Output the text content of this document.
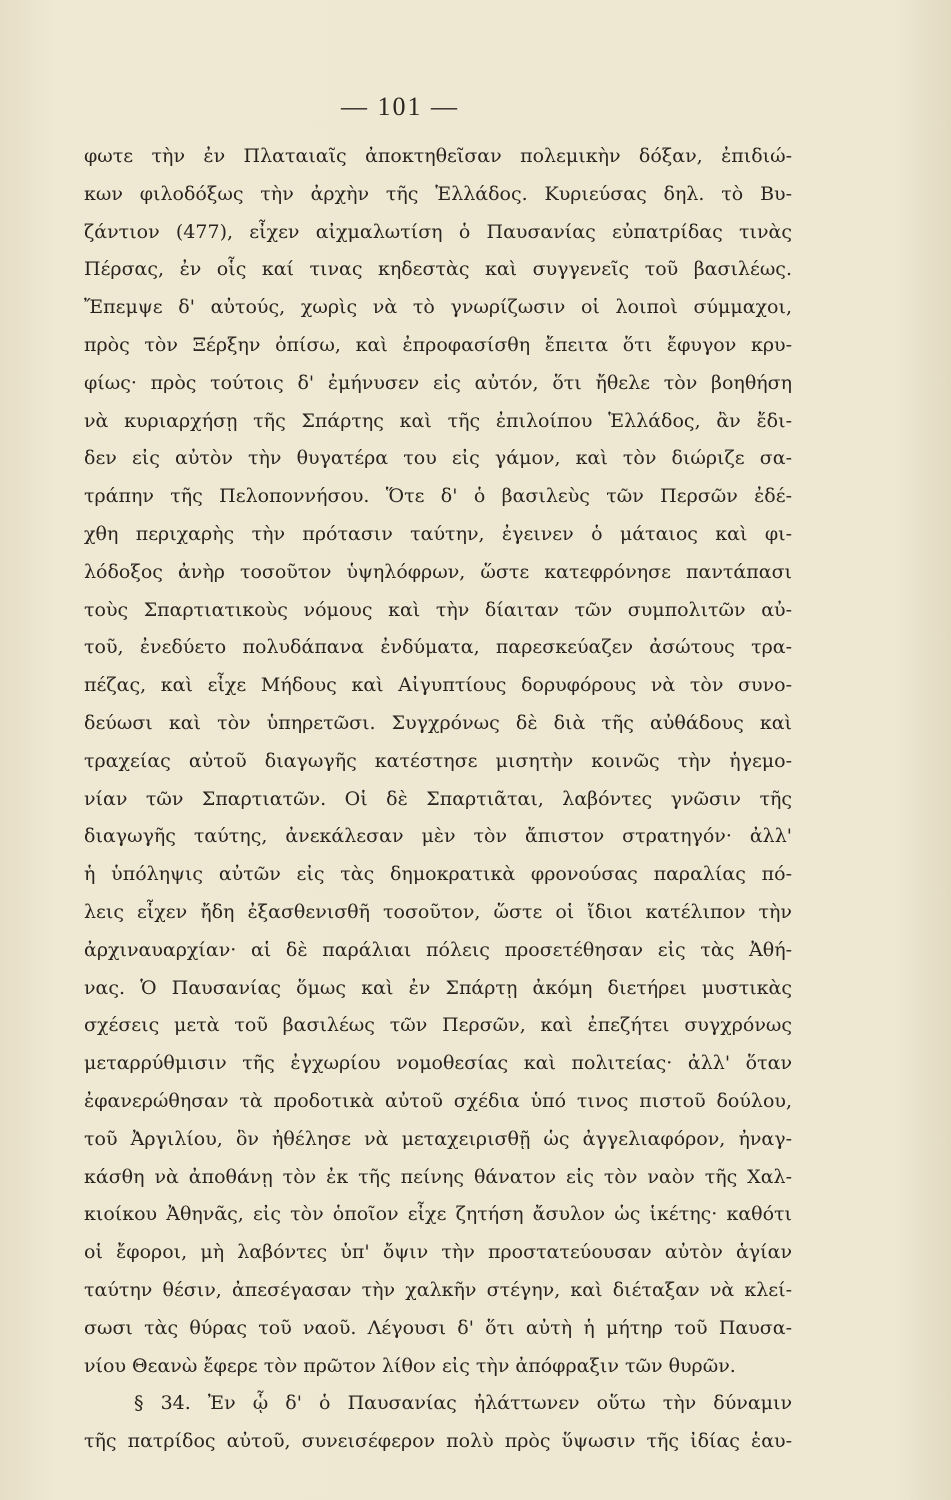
— 101 —
φωτε τὴν ἐν Πλαταιαῖς ἀποκτηθεῖσαν πολεμικὴν δόξαν, ἐπιδιώ-
κων φιλοδόξως τὴν ἀρχὴν τῆς Ἑλλάδος. Κυριεύσας δηλ. τὸ Βυ-
ζάντιον (477), εἶχεν αἰχμαλωτίση ὁ Παυσανίας εὐπατρίδας τινὰς
Πέρσας, ἐν οἷς καί τινας κηδεστὰς καὶ συγγενεῖς τοῦ βασιλέως.
Ἔπεμψε δ' αὐτούς, χωρὶς νὰ τὸ γνωρίζωσιν οἱ λοιποὶ σύμμαχοι,
πρὸς τὸν Ξέρξην ὀπίσω, καὶ ἐπροφασίσθη ἔπειτα ὅτι ἔφυγον κρυ-
φίως· πρὸς τούτοις δ' ἐμήνυσεν εἰς αὐτόν, ὅτι ἤθελε τὸν βοηθήση
νὰ κυριαρχήσῃ τῆς Σπάρτης καὶ τῆς ἐπιλοίπου Ἑλλάδος, ἂν ἔδι-
δεν εἰς αὐτὸν τὴν θυγατέρα του εἰς γάμον, καὶ τὸν διώριζε σα-
τράπην τῆς Πελοποννήσου. Ὅτε δ' ὁ βασιλεὺς τῶν Περσῶν ἐδέ-
χθη περιχαρὴς τὴν πρότασιν ταύτην, ἐγεινεν ὁ μάταιος καὶ φι-
λόδοξος ἀνὴρ τοσοῦτον ὑψηλόφρων, ὥστε κατεφρόνησε παντάπασι
τοὺς Σπαρτιατικοὺς νόμους καὶ τὴν δίαιταν τῶν συμπολιτῶν αὐ-
τοῦ, ἐνεδύετο πολυδάπανα ἐνδύματα, παρεσκεύαζεν ἀσώτους τρα-
πέζας, καὶ εἶχε Μήδους καὶ Αἰγυπτίους δορυφόρους νὰ τὸν συνο-
δεύωσι καὶ τὸν ὑπηρετῶσι. Συγχρόνως δὲ διὰ τῆς αὐθάδους καὶ
τραχείας αὐτοῦ διαγωγῆς κατέστησε μισητὴν κοινῶς τὴν ἡγεμο-
νίαν τῶν Σπαρτιατῶν. Οἱ δὲ Σπαρτιᾶται, λαβόντες γνῶσιν τῆς
διαγωγῆς ταύτης, ἀνεκάλεσαν μὲν τὸν ἄπιστον στρατηγόν· ἀλλ'
ἡ ὑπόληψις αὐτῶν εἰς τὰς δημοκρατικὰ φρονούσας παραλίας πό-
λεις εἶχεν ἤδη ἐξασθενισθῆ τοσοῦτον, ὥστε οἱ ἴδιοι κατέλιπον τὴν
ἀρχιναυαρχίαν· αἱ δὲ παράλιαι πόλεις προσετέθησαν εἰς τὰς Ἀθή-
νας. Ὁ Παυσανίας ὅμως καὶ ἐν Σπάρτῃ ἀκόμη διετήρει μυστικὰς
σχέσεις μετὰ τοῦ βασιλέως τῶν Περσῶν, καὶ ἐπεζήτει συγχρόνως
μεταρρύθμισιν τῆς ἐγχωρίου νομοθεσίας καὶ πολιτείας· ἀλλ' ὅταν
ἐφανερώθησαν τὰ προδοτικὰ αὐτοῦ σχέδια ὑπό τινος πιστοῦ δούλου,
τοῦ Ἀργιλίου, ὃν ἠθέλησε νὰ μεταχειρισθῇ ὡς ἀγγελιαφόρον, ἠναγ-
κάσθη νὰ ἀποθάνῃ τὸν ἐκ τῆς πείνης θάνατον εἰς τὸν ναὸν τῆς Χαλ-
κιοίκου Ἀθηνᾶς, εἰς τὸν ὁποῖον εἶχε ζητήση ἄσυλον ὡς ἱκέτης· καθότι
οἱ ἔφοροι, μὴ λαβόντες ὑπ' ὄψιν τὴν προστατεύουσαν αὐτὸν ἁγίαν
ταύτην θέσιν, ἀπεσέγασαν τὴν χαλκῆν στέγην, καὶ διέταξαν νὰ κλεί-
σωσι τὰς θύρας τοῦ ναοῦ. Λέγουσι δ' ὅτι αὐτὴ ἡ μήτηρ τοῦ Παυσα-
νίου Θεανὼ ἔφερε τὸν πρῶτον λίθον εἰς τὴν ἀπόφραξιν τῶν θυρῶν.
§ 34. Ἐν ᾧ δ' ὁ Παυσανίας ἠλάττωνεν οὕτω τὴν δύναμιν
τῆς πατρίδος αὐτοῦ, συνεισέφερον πολὺ πρὸς ὕψωσιν τῆς ἰδίας ἑαυ-
